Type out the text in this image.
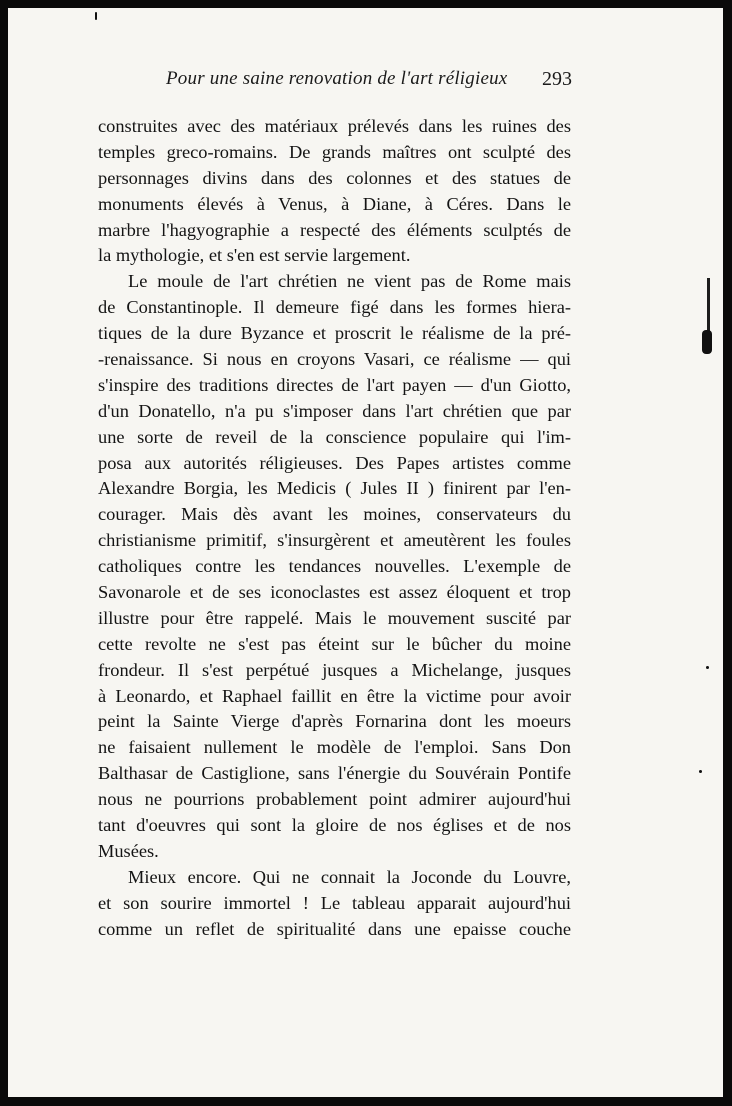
Pour une saine renovation de l'art réligieux 293
construites avec des matériaux prélevés dans les ruines des
temples greco-romains. De grands maîtres ont sculpté des
personnages divins dans des colonnes et des statues de
monuments élevés à Venus, à Diane, à Céres. Dans le
marbre l'hagyographie a respecté des éléments sculptés de
la mythologie, et s'en est servie largement.
Le moule de l'art chrétien ne vient pas de Rome mais
de Constantinople. Il demeure figé dans les formes hiera-
tiques de la dure Byzance et proscrit le réalisme de la pré-
-renaissance. Si nous en croyons Vasari, ce réalisme — qui
s'inspire des traditions directes de l'art payen — d'un Giotto,
d'un Donatello, n'a pu s'imposer dans l'art chrétien que par
une sorte de reveil de la conscience populaire qui l'im-
posa aux autorités réligieuses. Des Papes artistes comme
Alexandre Borgia, les Medicis ( Jules II ) finirent par l'en-
courager. Mais dès avant les moines, conservateurs du
christianisme primitif, s'insurgèrent et ameutèrent les foules
catholiques contre les tendances nouvelles. L'exemple de
Savonarole et de ses iconoclastes est assez éloquent et trop
illustre pour être rappelé. Mais le mouvement suscité par
cette revolte ne s'est pas éteint sur le bûcher du moine
frondeur. Il s'est perpétué jusques a Michelange, jusques
à Leonardo, et Raphael faillit en être la victime pour avoir
peint la Sainte Vierge d'après Fornarina dont les moeurs
ne faisaient nullement le modèle de l'emploi. Sans Don
Balthasar de Castiglione, sans l'énergie du Souvérain Pontife
nous ne pourrions probablement point admirer aujourd'hui
tant d'oeuvres qui sont la gloire de nos églises et de nos
Musées.
Mieux encore. Qui ne connait la Joconde du Louvre,
et son sourire immortel ! Le tableau apparait aujourd'hui
comme un reflet de spiritualité dans une epaisse couche
